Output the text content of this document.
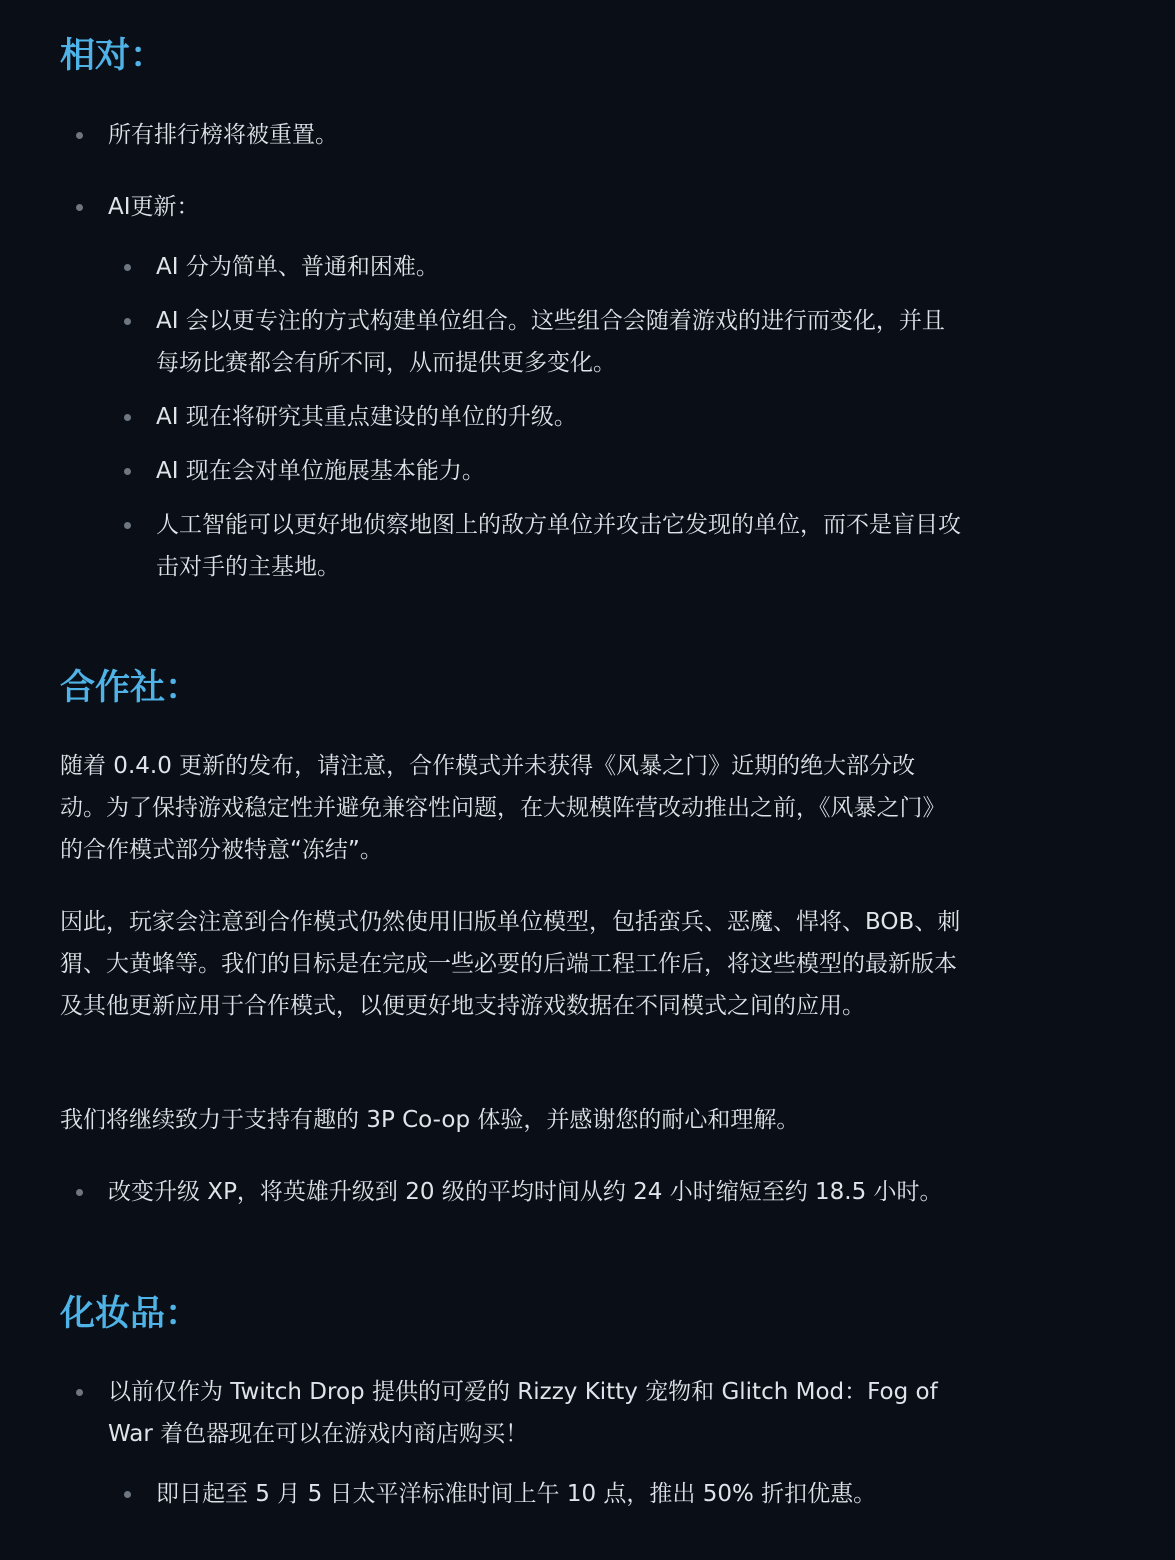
相对：
所有排行榜将被重置。
AI更新：
AI 分为简单、普通和困难。
AI 会以更专注的方式构建单位组合。这些组合会随着游戏的进行而变化，并且每场比赛都会有所不同，从而提供更多变化。
AI 现在将研究其重点建设的单位的升级。
AI 现在会对单位施展基本能力。
人工智能可以更好地侦察地图上的敌方单位并攻击它发现的单位，而不是盲目攻击对手的主基地。
合作社：

随着 0.4.0 更新的发布，请注意，合作模式并未获得《风暴之门》近期的绝大部分改动。为了保持游戏稳定性并避免兼容性问题，在大规模阵营改动推出之前，《风暴之门》的合作模式部分被特意“冻结”。

因此，玩家会注意到合作模式仍然使用旧版单位模型，包括蛮兵、恶魔、悍将、BOB、刺猬、大黄蜂等。我们的目标是在完成一些必要的后端工程工作后，将这些模型的最新版本及其他更新应用于合作模式，以便更好地支持游戏数据在不同模式之间的应用。

我们将继续致力于支持有趣的 3P Co-op 体验，并感谢您的耐心和理解。

改变升级 XP，将英雄升级到 20 级的平均时间从约 24 小时缩短至约 18.5 小时。
化妆品：
以前仅作为 Twitch Drop 提供的可爱的 Rizzy Kitty 宠物和 Glitch Mod：Fog of War 着色器现在可以在游戏内商店购买！
即日起至 5 月 5 日太平洋标准时间上午 10 点，推出 50% 折扣优惠。
